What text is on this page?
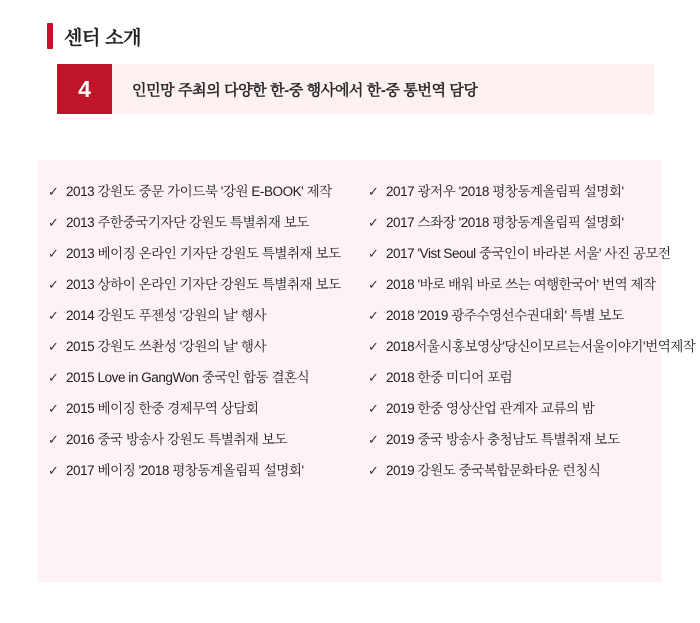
센터 소개
4	인민망 주최의 다양한 한-중 행사에서 한-중 통번역 담당
✓ 2013 강원도 중문 가이드북 '강원 E-BOOK' 제작
✓ 2013 주한중국기자단 강원도 특별취재 보도
✓ 2013 베이징 온라인 기자단 강원도 특별취재 보도
✓ 2013 상하이 온라인 기자단 강원도 특별취재 보도
✓ 2014 강원도 푸젠성 '강원의 날' 행사
✓ 2015 강원도 쓰촨성 '강원의 날' 행사
✓ 2015 Love in GangWon 중국인 합동 결혼식
✓ 2015 베이징 한중 경제무역 상담회
✓ 2016 중국 방송사 강원도 특별취재 보도
✓ 2017 베이징 '2018 평창동계올림픽 설명회'
✓ 2017 광저우 '2018 평창동계올림픽 설명회'
✓ 2017 스좌장 '2018 평창동계올림픽 설명회'
✓ 2017 'Vist Seoul 중국인이 바라본 서울' 사진 공모전
✓ 2018 '바로 배워 바로 쓰는 여행한국어' 번역 제작
✓ 2018 '2019 광주수영선수권대회' 특별 보도
✓ 2018서울시홍보영상'당신이모르는서울이야기'번역제작
✓ 2018 한중 미디어 포럼
✓ 2019 한중 영상산업 관계자 교류의 밤
✓ 2019 중국 방송사 충청남도 특별취재 보도
✓ 2019 강원도 중국복합문화타운 런칭식
